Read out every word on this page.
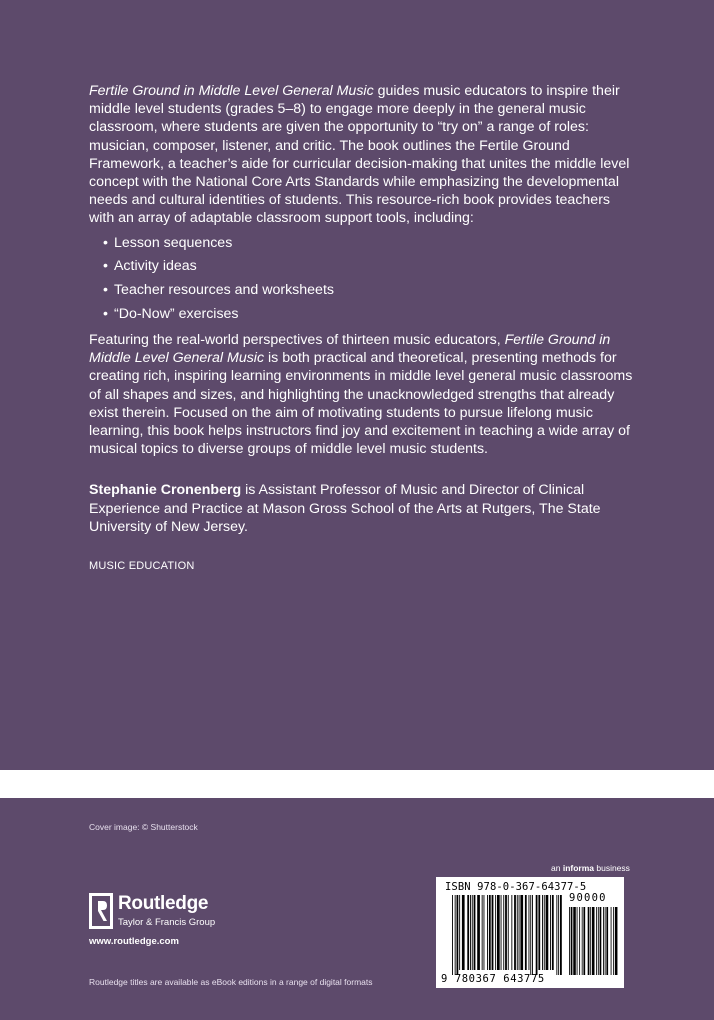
Fertile Ground in Middle Level General Music guides music educators to inspire their middle level students (grades 5–8) to engage more deeply in the general music classroom, where students are given the opportunity to “try on” a range of roles: musician, composer, listener, and critic. The book outlines the Fertile Ground Framework, a teacher’s aide for curricular decision-making that unites the middle level concept with the National Core Arts Standards while emphasizing the developmental needs and cultural identities of students. This resource-rich book provides teachers with an array of adaptable classroom support tools, including:

• Lesson sequences
• Activity ideas
• Teacher resources and worksheets
• “Do-Now” exercises

Featuring the real-world perspectives of thirteen music educators, Fertile Ground in Middle Level General Music is both practical and theoretical, presenting methods for creating rich, inspiring learning environments in middle level general music classrooms of all shapes and sizes, and highlighting the unacknowledged strengths that already exist therein. Focused on the aim of motivating students to pursue lifelong music learning, this book helps instructors find joy and excitement in teaching a wide array of musical topics to diverse groups of middle level music students.

Stephanie Cronenberg is Assistant Professor of Music and Director of Clinical Experience and Practice at Mason Gross School of the Arts at Rutgers, The State University of New Jersey.

MUSIC EDUCATION

Cover image: © Shutterstock
Routledge
Taylor & Francis Group
www.routledge.com
Routledge titles are available as eBook editions in a range of digital formats
an informa business
ISBN 978-0-367-64377-5
90000
9 780367 643775
